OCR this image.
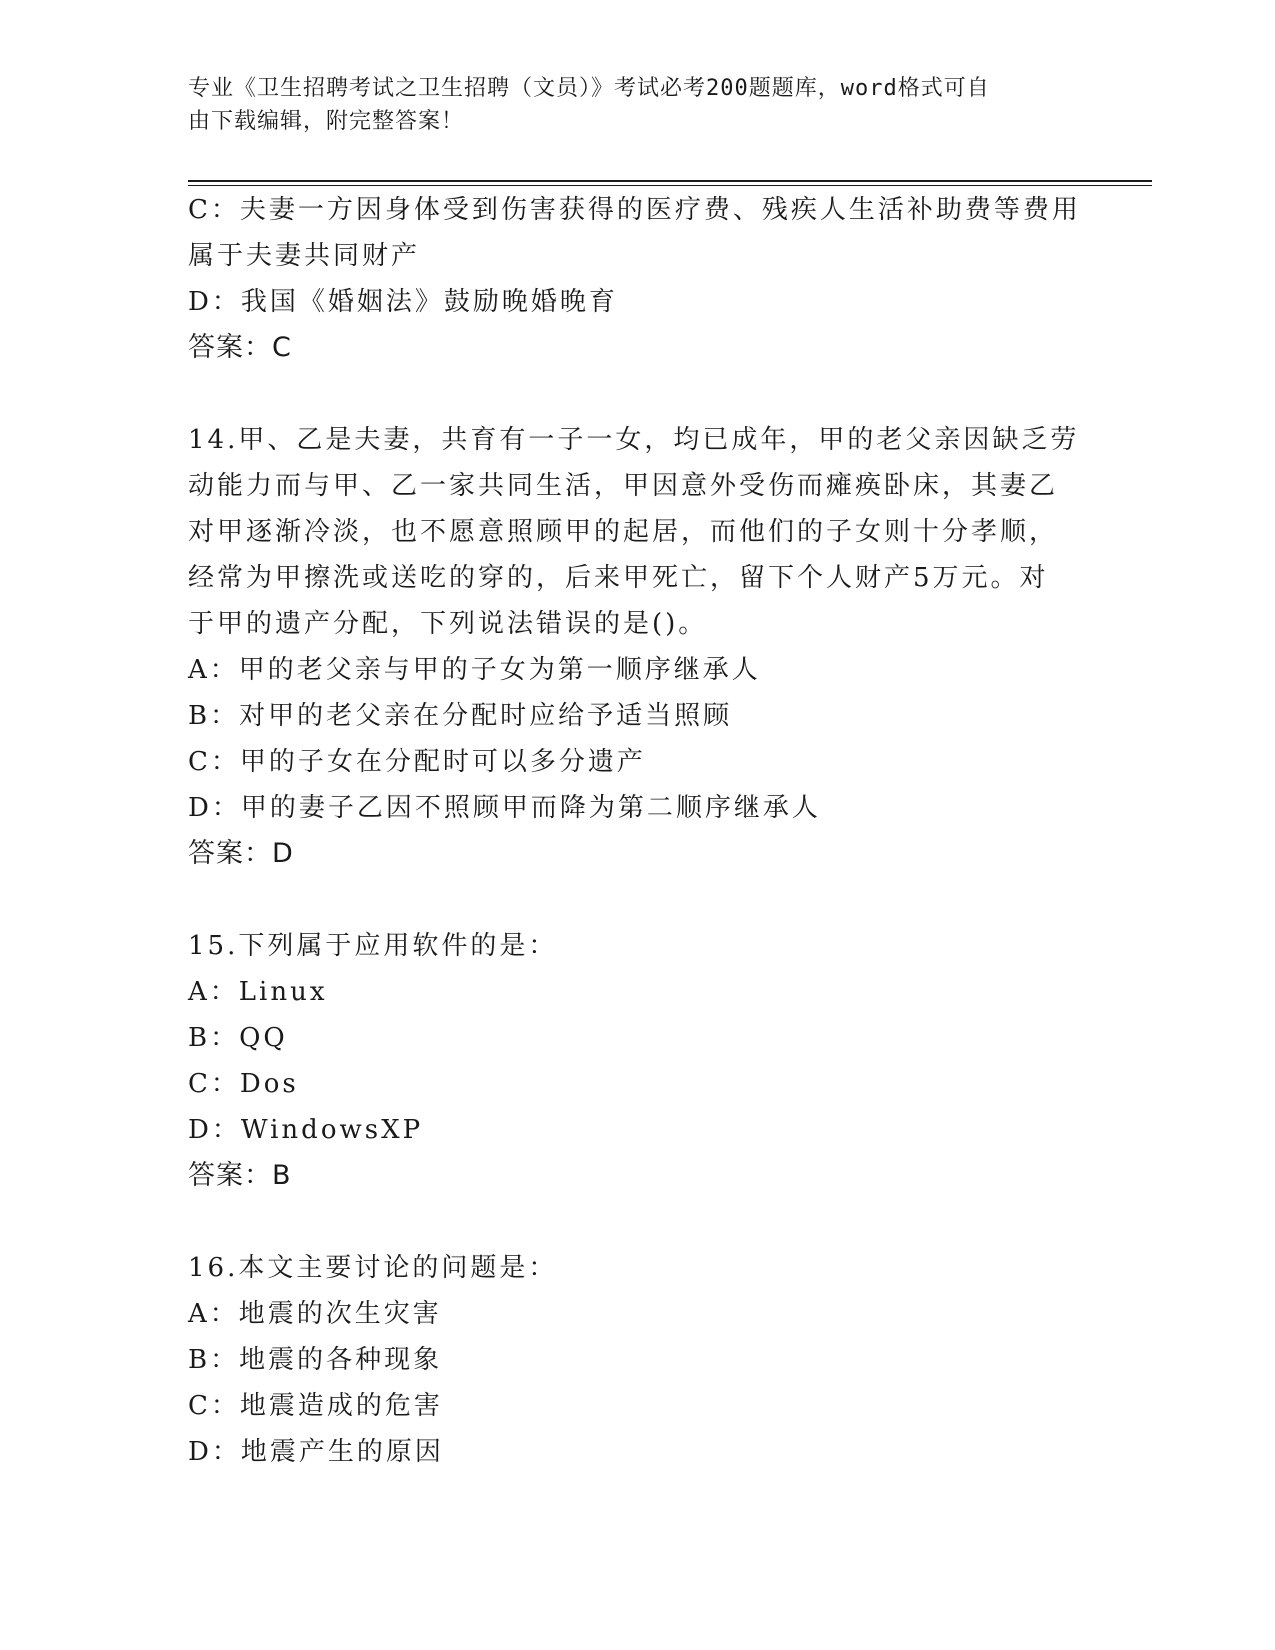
专业《卫生招聘考试之卫生招聘（文员）》考试必考200题题库，word格式可自
由下载编辑，附完整答案！
C：夫妻一方因身体受到伤害获得的医疗费、残疾人生活补助费等费用
属于夫妻共同财产
D：我国《婚姻法》鼓励晚婚晚育
答案：C
14.甲、乙是夫妻，共育有一子一女，均已成年，甲的老父亲因缺乏劳
动能力而与甲、乙一家共同生活，甲因意外受伤而瘫痪卧床，其妻乙
对甲逐渐冷淡，也不愿意照顾甲的起居，而他们的子女则十分孝顺，
经常为甲擦洗或送吃的穿的，后来甲死亡，留下个人财产5万元。对
于甲的遗产分配，下列说法错误的是()。
A：甲的老父亲与甲的子女为第一顺序继承人
B：对甲的老父亲在分配时应给予适当照顾
C：甲的子女在分配时可以多分遗产
D：甲的妻子乙因不照顾甲而降为第二顺序继承人
答案：D
15.下列属于应用软件的是：
A：Linux
B：QQ
C：Dos
D：WindowsXP
答案：B
16.本文主要讨论的问题是：
A：地震的次生灾害
B：地震的各种现象
C：地震造成的危害
D：地震产生的原因
